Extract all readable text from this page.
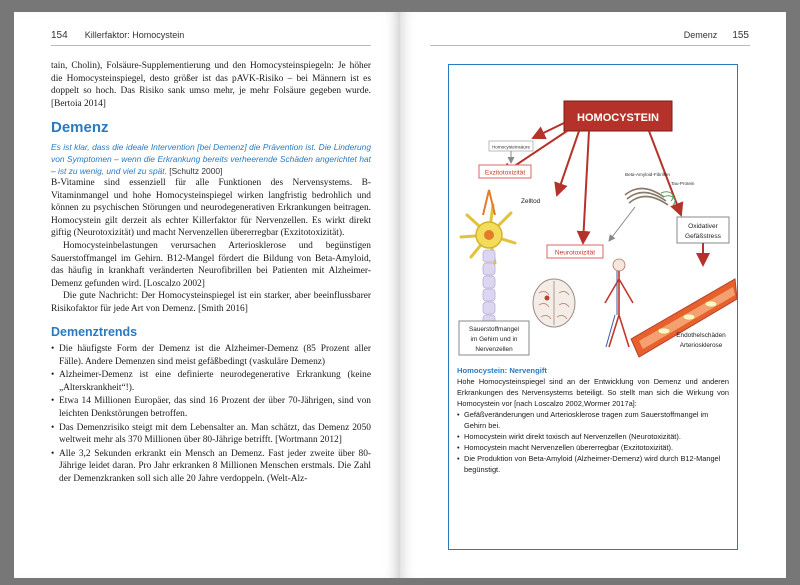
154 Killerfaktor: Homocystein

tain, Cholin), Folsäure-Supplementierung und den Homocysteinspiegeln: Je höher die Homocysteinspiegel, desto größer ist das pAVK-Risiko – bei Männern ist es doppelt so hoch. Das Risiko sank umso mehr, je mehr Folsäure gegeben wurde. [Bertoia 2014]

Demenz

Es ist klar, dass die ideale Intervention [bei Demenz] die Prävention ist. Die Linderung von Symptomen – wenn die Erkrankung bereits verheerende Schäden angerichtet hat – ist zu wenig, und viel zu spät. [Schultz 2000]

B-Vitamine sind essenziell für alle Funktionen des Nervensystems. B-Vitaminmangel und hohe Homocysteinspiegel wirken langfristig bedrohlich und können zu psychischen Störungen und neurodegenerativen Erkrankungen beitragen. Homocystein gilt derzeit als echter Killerfaktor für Nervenzellen. Es wirkt direkt giftig (Neurotoxizität) und macht Nervenzellen übererregbar (Exzitotoxizität).

Homocysteinbelastungen verursachen Arteriosklerose und begünstigen Sauerstoffmangel im Gehirn. B12-Mangel fördert die Bildung von Beta-Amyloid, das häufig in krankhaft veränderten Neurofibrillen bei Patienten mit Alzheimer-Demenz gefunden wird. [Loscalzo 2002]

Die gute Nachricht: Der Homocysteinspiegel ist ein starker, aber beeinflussbarer Risikofaktor für jede Art von Demenz. [Smith 2016]

Demenztrends
• Die häufigste Form der Demenz ist die Alzheimer-Demenz (85 Prozent aller Fälle). Andere Demenzen sind meist gefäßbedingt (vaskuläre Demenz)
• Alzheimer-Demenz ist eine definierte neurodegenerative Erkrankung (keine „Alterskrankheit“!).
• Etwa 14 Millionen Europäer, das sind 16 Prozent der über 70-Jährigen, sind von leichten Denkstörungen betroffen.
• Das Demenzrisiko steigt mit dem Lebensalter an. Man schätzt, das Demenz 2050 weltweit mehr als 370 Millionen über 80-Jährige betrifft. [Wortmann 2012]
• Alle 3,2 Sekunden erkrankt ein Mensch an Demenz. Fast jeder zweite über 80-Jährige leidet daran. Pro Jahr erkranken 8 Millionen Menschen erstmals. Die Zahl der Demenzkranken soll sich alle 20 Jahre verdoppeln. (Welt-Alz-
Demenz 155
HOMOCYSTEIN
Homocysteinsäure
Exzitotoxizität
Zelltod
Neurotoxizität
Beta-Amyloid-Fibrillen
Tau-Protein
Oxidativer
Gefäßstress
Sauerstoffmangel
im Gehirn und in
Nervenzellen
Endothelschäden
Arteriosklerose
Homocystein: Nervengift

Hohe Homocysteinspiegel sind an der Entwicklung von Demenz und anderen Erkrankungen des Nervensystems beteiligt. So stellt man sich die Wirkung von Homocystein vor [nach Loscalzo 2002,Wormer 2017a]:

• Gefäßveränderungen und Arteriosklerose tragen zum Sauerstoffmangel im Gehirn bei.
• Homocystein wirkt direkt toxisch auf Nervenzellen (Neurotoxizität).
• Homocystein macht Nervenzellen übererregbar (Exzitotoxizität).
• Die Produktion von Beta-Amyloid (Alzheimer-Demenz) wird durch B12-Mangel begünstigt.
